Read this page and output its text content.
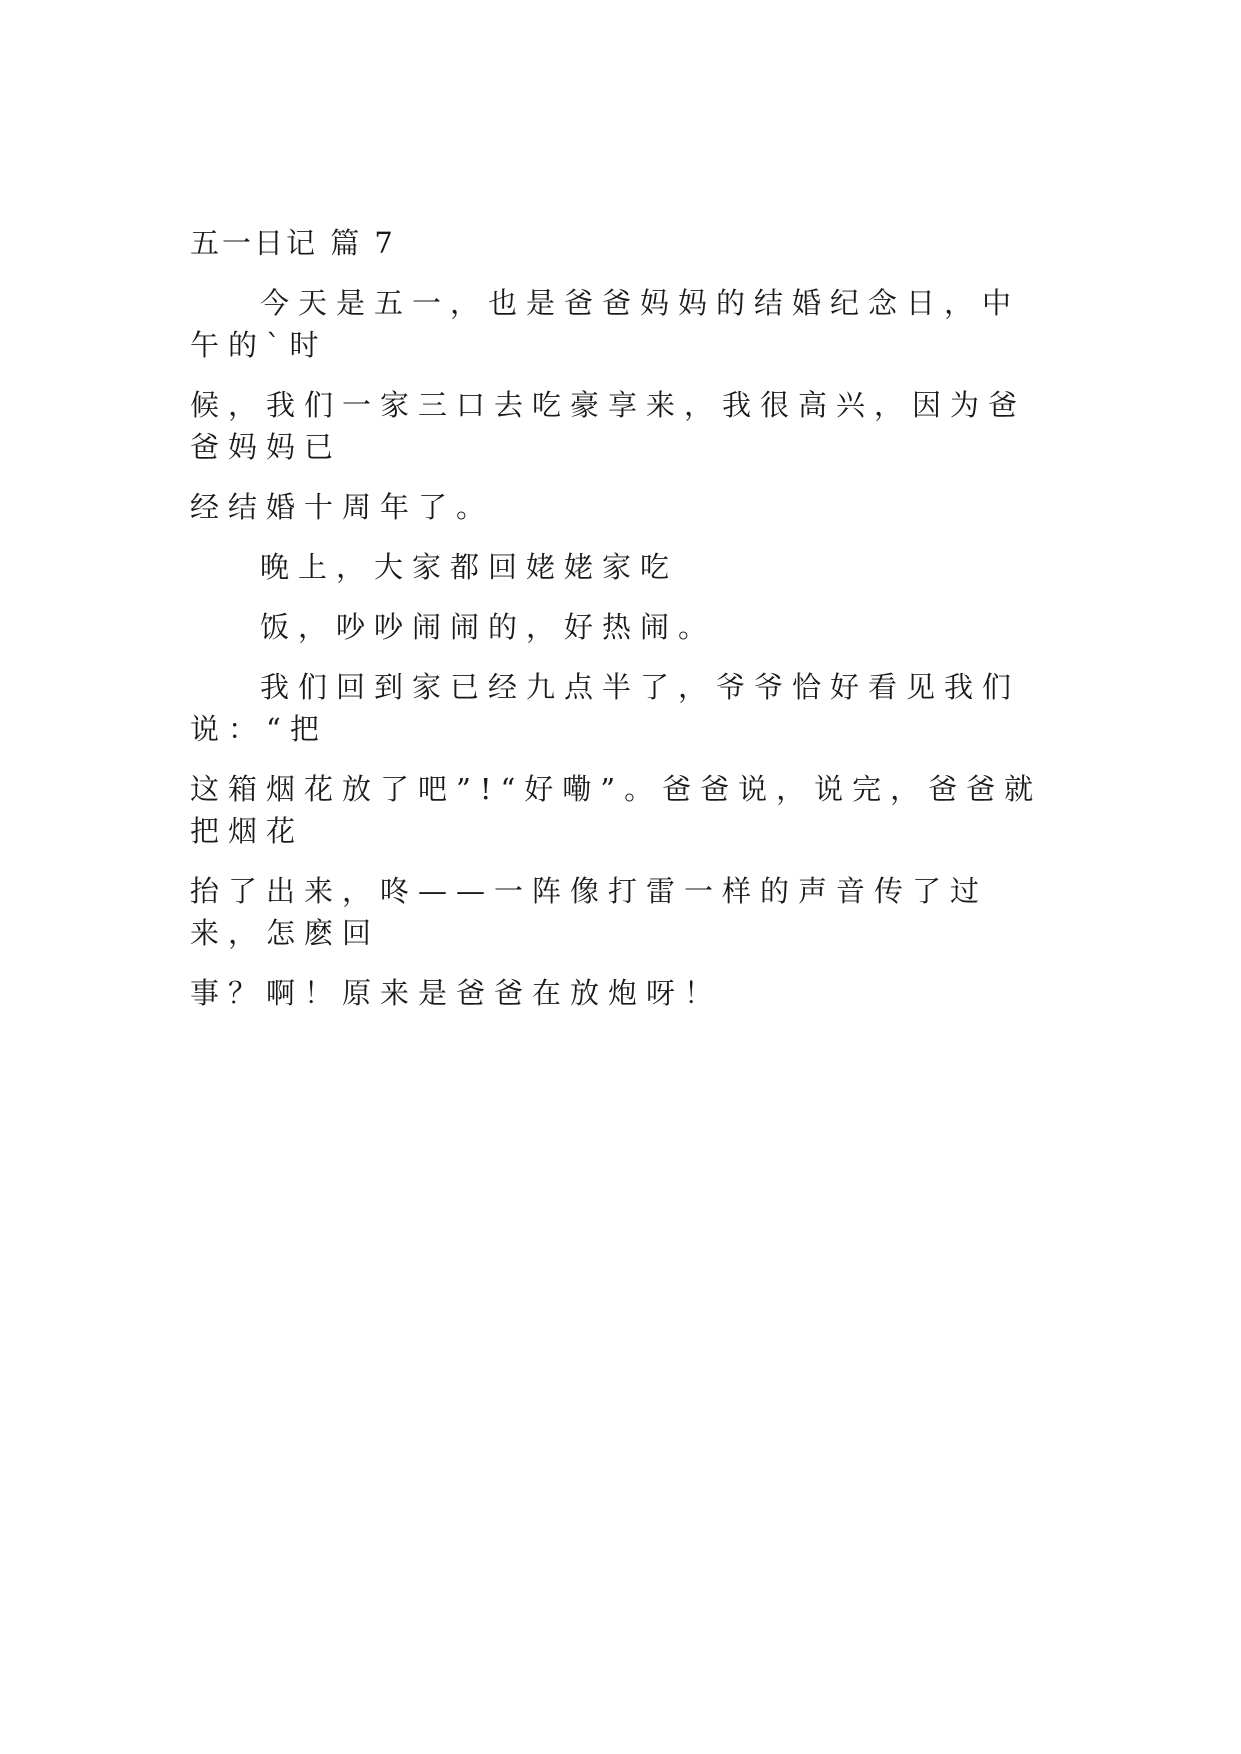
五一日记 篇 7

今天是五一，也是爸爸妈妈的结婚纪念日，中午的`时
候，我们一家三口去吃豪享来，我很高兴，因为爸爸妈妈已
经结婚十周年了。

晚上，大家都回姥姥家吃

饭，吵吵闹闹的，好热闹。

我们回到家已经九点半了，爷爷恰好看见我们说：“把
这箱烟花放了吧”!“好嘞”。爸爸说，说完，爸爸就把烟花
抬了出来，咚——一阵像打雷一样的声音传了过来，怎麽回
事？啊！原来是爸爸在放炮呀！
